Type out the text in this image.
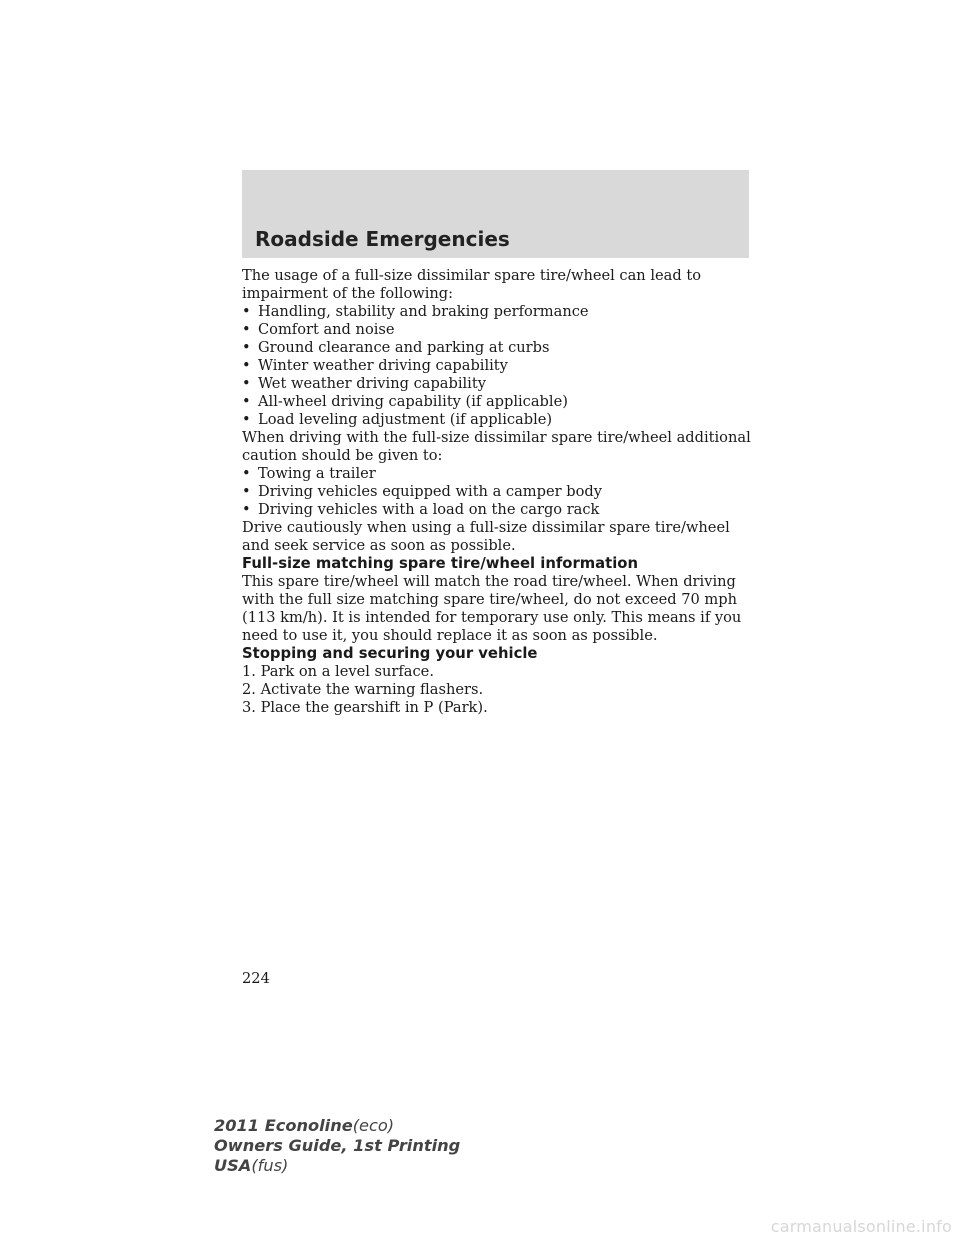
Roadside Emergencies

The usage of a full-size dissimilar spare tire/wheel can lead to impairment of the following:

• Handling, stability and braking performance

• Comfort and noise

• Ground clearance and parking at curbs

• Winter weather driving capability

• Wet weather driving capability

• All-wheel driving capability (if applicable)

• Load leveling adjustment (if applicable)

When driving with the full-size dissimilar spare tire/wheel additional caution should be given to:

• Towing a trailer

• Driving vehicles equipped with a camper body

• Driving vehicles with a load on the cargo rack

Drive cautiously when using a full-size dissimilar spare tire/wheel and seek service as soon as possible.

Full-size matching spare tire/wheel information

This spare tire/wheel will match the road tire/wheel. When driving with the full size matching spare tire/wheel, do not exceed 70 mph (113 km/h). It is intended for temporary use only. This means if you need to use it, you should replace it as soon as possible.

Stopping and securing your vehicle

1. Park on a level surface.

2. Activate the warning flashers.

3. Place the gearshift in P (Park).

224

2011 Econoline(eco)
Owners Guide, 1st Printing
USA(fus)
carmanualsonline.info
